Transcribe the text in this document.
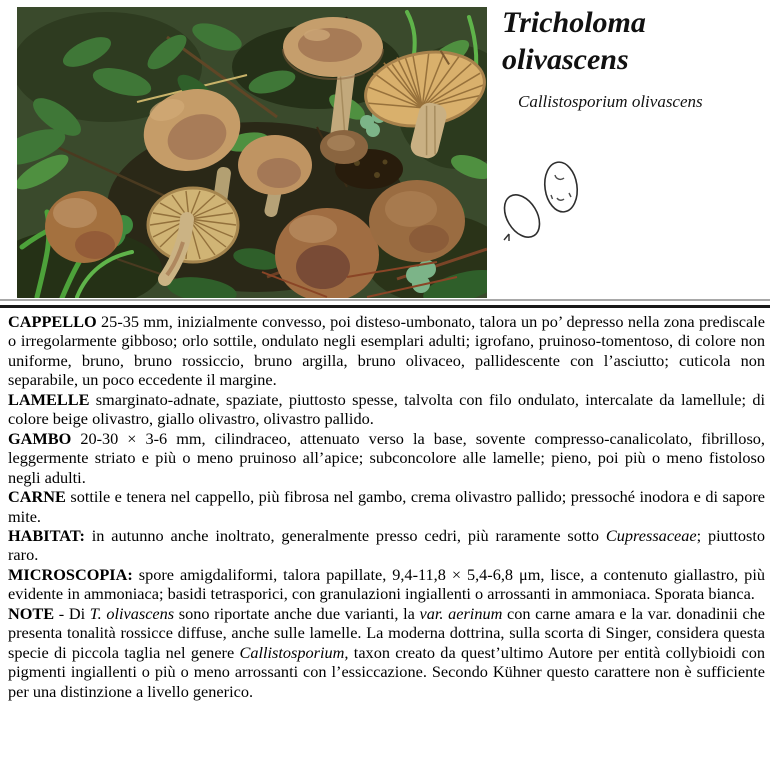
Tricholoma
olivascens
Callistosporium olivascens

CAPPELLO 25-35 mm, inizialmente convesso, poi disteso-umbonato, talora un po’ depresso nella zona prediscale o irregolarmente gibboso; orlo sottile, ondulato negli esemplari adulti; igrofano, pruinoso-tomentoso, di colore non uniforme, bruno, bruno rossiccio, bruno argilla, bruno olivaceo, pallidescente con l’asciutto; cuticola non separabile, un poco eccedente il margine.

LAMELLE smarginato-adnate, spaziate, piuttosto spesse, talvolta con filo ondulato, intercalate da lamellule; di colore beige olivastro, giallo olivastro, olivastro pallido.

GAMBO 20-30 × 3-6 mm, cilindraceo, attenuato verso la base, sovente compresso-canalicolato, fibrilloso, leggermente striato e più o meno pruinoso all’apice; subconcolore alle lamelle; pieno, poi più o meno fistoloso negli adulti.

CARNE sottile e tenera nel cappello, più fibrosa nel gambo, crema olivastro pallido; pressoché inodora e di sapore mite.

HABITAT: in autunno anche inoltrato, generalmente presso cedri, più raramente sotto Cupressaceae; piuttosto raro.

MICROSCOPIA: spore amigdaliformi, talora papillate, 9,4-11,8 × 5,4-6,8 μm, lisce, a contenuto giallastro, più evidente in ammoniaca; basidi tetrasporici, con granulazioni ingiallenti o arrossanti in ammoniaca. Sporata bianca.

NOTE - Di T. olivascens sono riportate anche due varianti, la var. aerinum con carne amara e la var. donadinii che presenta tonalità rossicce diffuse, anche sulle lamelle. La moderna dottrina, sulla scorta di Singer, considera questa specie di piccola taglia nel genere Callistosporium, taxon creato da quest’ultimo Autore per entità collybioidi con pigmenti ingiallenti o più o meno arrossanti con l’essiccazione. Secondo Kühner questo carattere non è sufficiente per una distinzione a livello generico.
